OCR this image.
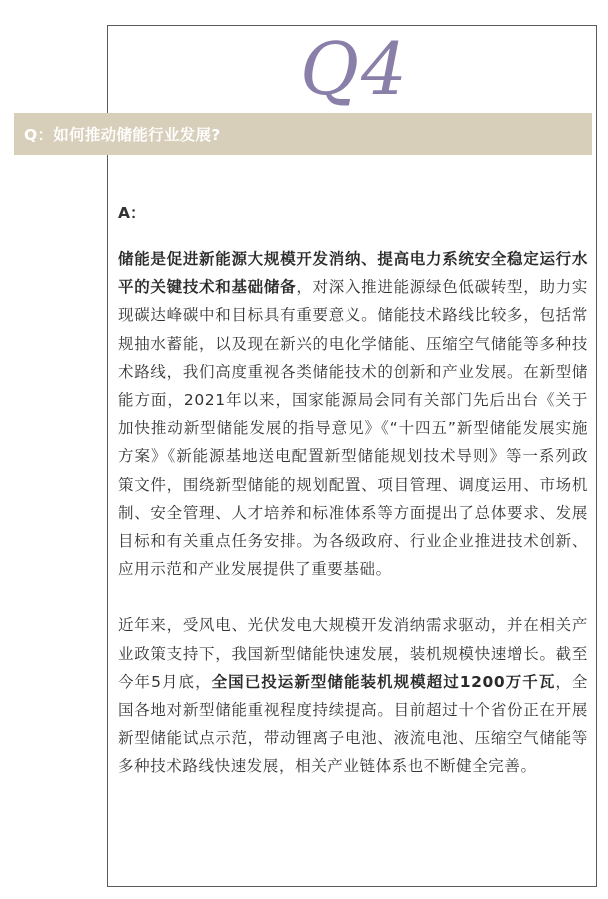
Q4
Q：如何推动储能行业发展?
A：

储能是促进新能源大规模开发消纳、提高电力系统安全稳定运行水平的关键技术和基础储备，对深入推进能源绿色低碳转型，助力实现碳达峰碳中和目标具有重要意义。储能技术路线比较多，包括常规抽水蓄能，以及现在新兴的电化学储能、压缩空气储能等多种技术路线，我们高度重视各类储能技术的创新和产业发展。在新型储能方面，2021年以来，国家能源局会同有关部门先后出台《关于加快推动新型储能发展的指导意见》《“十四五”新型储能发展实施方案》《新能源基地送电配置新型储能规划技术导则》等一系列政策文件，围绕新型储能的规划配置、项目管理、调度运用、市场机制、安全管理、人才培养和标准体系等方面提出了总体要求、发展目标和有关重点任务安排。为各级政府、行业企业推进技术创新、应用示范和产业发展提供了重要基础。

近年来，受风电、光伏发电大规模开发消纳需求驱动，并在相关产业政策支持下，我国新型储能快速发展，装机规模快速增长。截至今年5月底，全国已投运新型储能装机规模超过1200万千瓦，全国各地对新型储能重视程度持续提高。目前超过十个省份正在开展新型储能试点示范，带动锂离子电池、液流电池、压缩空气储能等多种技术路线快速发展，相关产业链体系也不断健全完善。
